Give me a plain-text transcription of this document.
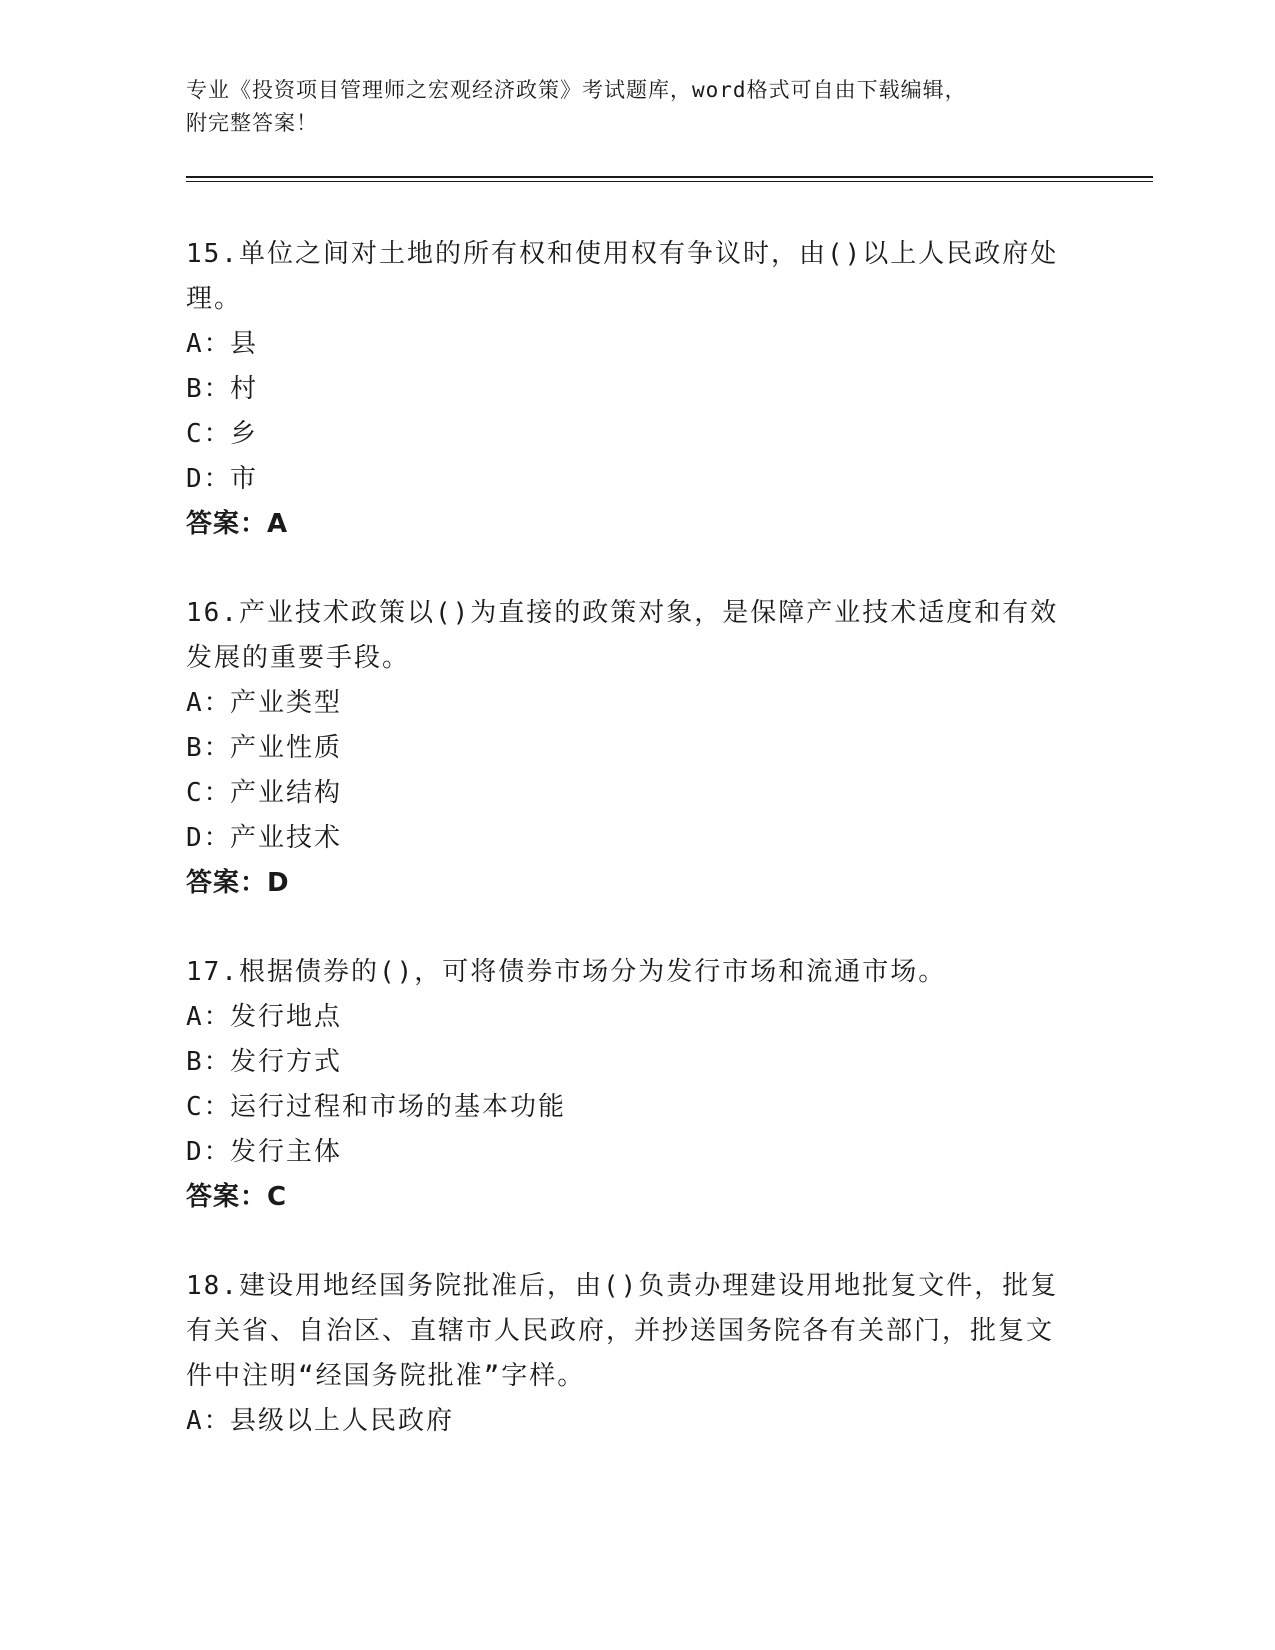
专业《投资项目管理师之宏观经济政策》考试题库，word格式可自由下载编辑，
附完整答案！
15.单位之间对土地的所有权和使用权有争议时，由()以上人民政府处理。
A：县
B：村
C：乡
D：市
答案：A
16.产业技术政策以()为直接的政策对象，是保障产业技术适度和有效发展的重要手段。
A：产业类型
B：产业性质
C：产业结构
D：产业技术
答案：D
17.根据债券的()，可将债券市场分为发行市场和流通市场。
A：发行地点
B：发行方式
C：运行过程和市场的基本功能
D：发行主体
答案：C
18.建设用地经国务院批准后，由()负责办理建设用地批复文件，批复有关省、自治区、直辖市人民政府，并抄送国务院各有关部门，批复文件中注明“经国务院批准”字样。
A：县级以上人民政府
